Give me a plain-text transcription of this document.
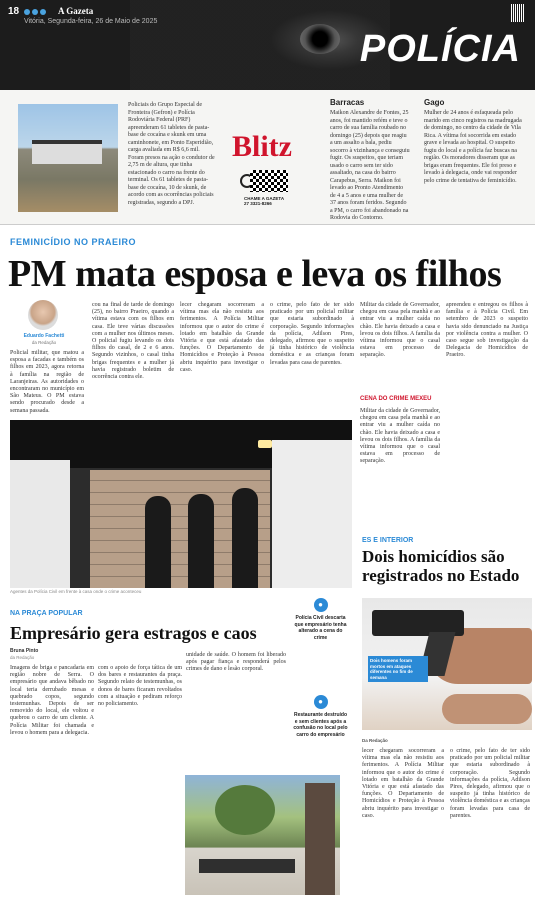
18	A Gazeta
Vitória, Segunda-feira, 26 de Maio de 2025
POLÍCIA
Policiais do Grupo Especial de Fronteira (Gefron) e Polícia Rodoviária Federal (PRF) apreenderam 61 tabletes de pasta-base de cocaína e skunk em uma caminhonete, em Ponto Esperidião, carga avaliada em R$ 6,6 mil. Foram presos na ação o condutor de 2,75 m de altura, que tinha estacionado o carro na frente do terminal. Os 61 tabletes de pasta-base de cocaína, 10 de skunk, de acordo com as ocorrências policiais registradas, segundo a DPJ.
Barracas
Maikon Alexandre de Fontes, 25 anos, foi mantido refém e teve o carro de sua família roubado no domingo (25) depois que reagiu a um assalto a bala, pediu socorro à vizinhança e conseguiu fugir. Os suspeitos, que teriam usado o carro sem ter sido assaltado, na casa do bairro Carapebus, Serra. Maikon foi levado ao Pronto Atendimento de 4 a 5 anos e uma mulher de 37 anos foram feridos. Segundo a PM, o carro foi abandonado na Rodovia do Contorno.
Gago
Mulher de 24 anos é esfaqueada pelo marido em cinco registros na madrugada de domingo, no centro da cidade de Vila Rica. A vítima foi socorrida em estado grave e levada ao hospital. O suspeito fugiu do local e a polícia faz buscas na região. Os moradores disseram que as brigas eram frequentes. Ele foi preso e levado à delegacia, onde vai responder pelo crime de tentativa de feminicídio.
Blitz
CHAME A GAZETA
27 3321-8266
FEMINICÍDIO NO PRAEIRO
PM mata esposa e leva os filhos
Eduardo Fachetti
da Redação
Policial militar, que matou a esposa a facadas e também os filhos em 2023, agora retorna à família na região de Laranjeiras. As autoridades o encontraram no município em São Mateus. O PM estava sendo procurado desde a semana passada.
cou na final de tarde de domingo (25), no bairro Praeiro, quando a vítima estava com os filhos em casa. Ele teve várias discussões com a mulher nos últimos meses. O policial fugiu levando os dois filhos do casal, de 2 e 6 anos. Segundo vizinhos, o casal tinha brigas frequentes e a mulher já havia registrado boletim de ocorrência contra ele.
lecer chegaram socorreram a vítima mas ela não resistiu aos ferimentos. A Polícia Militar informou que o autor do crime é lotado em batalhão da Grande Vitória e que está afastado das funções. O Departamento de Homicídios e Proteção à Pessoa abriu inquérito para investigar o caso.
o crime, pelo fato de ter sido praticado por um policial militar que estaria subordinado à corporação. Segundo informações da polícia, Adilson Pires, delegado, afirmou que o suspeito já tinha histórico de violência doméstica e as crianças foram levadas para casa de parentes.
Militar da cidade de Governador, chegou em casa pela manhã e ao entrar viu a mulher caída no chão. Ele havia deixado a casa e levou os dois filhos. A família da vítima informou que o casal estava em processo de separação.
CENA DO CRIME MEXEU
Militar da cidade de Governador, chegou em casa pela manhã e ao entrar viu a mulher caída no chão. Ele havia deixado a casa e levou os dois filhos. A família da vítima informou que o casal estava em processo de separação.
apreendeu e entregou os filhos à família e à Polícia Civil. Em setembro de 2023 o suspeito havia sido denunciado na Justiça por violência contra a mulher. O caso segue sob investigação da Delegacia de Homicídios de Praeiro.
Agentes da Polícia Civil em frente à casa onde o crime aconteceu
ES E INTERIOR
Dois homicídios são registrados no Estado
Dois homens foram mortos em ataques diferentes no fim de semana
Da Redação
lecer chegaram socorreram a vítima mas ela não resistiu aos ferimentos. A Polícia Militar informou que o autor do crime é lotado em batalhão da Grande Vitória e que está afastado das funções. O Departamento de Homicídios e Proteção à Pessoa abriu inquérito para investigar o caso.
o crime, pelo fato de ter sido praticado por um policial militar que estaria subordinado à corporação. Segundo informações da polícia, Adilson Pires, delegado, afirmou que o suspeito já tinha histórico de violência doméstica e as crianças foram levadas para casa de parentes.
NA PRAÇA POPULAR
Empresário gera estragos e caos
Bruna Pinto
da Redação
Imagens de briga e pancadaria em região nobre de Serra. O empresário que andava bêbado no local teria derrubado mesas e quebrado copos, segundo testemunhas. Depois de ser removido do local, ele voltou e quebrou o carro de um cliente. A Polícia Militar foi chamada e levou o homem para a delegacia.
com o apoio de força tática de um dos bares e restaurantes da praça. Segundo relato de testemunhas, os donos de bares ficaram revoltados com a situação e pediram reforço no policiamento.
unidade de saúde. O homem foi liberado após pagar fiança e responderá pelos crimes de dano e lesão corporal.
●
Polícia Civil descarta que empresário tenha alterado a cena do crime
●
Restaurante destruído e sem clientes após a confusão no local pelo carro do empresário
